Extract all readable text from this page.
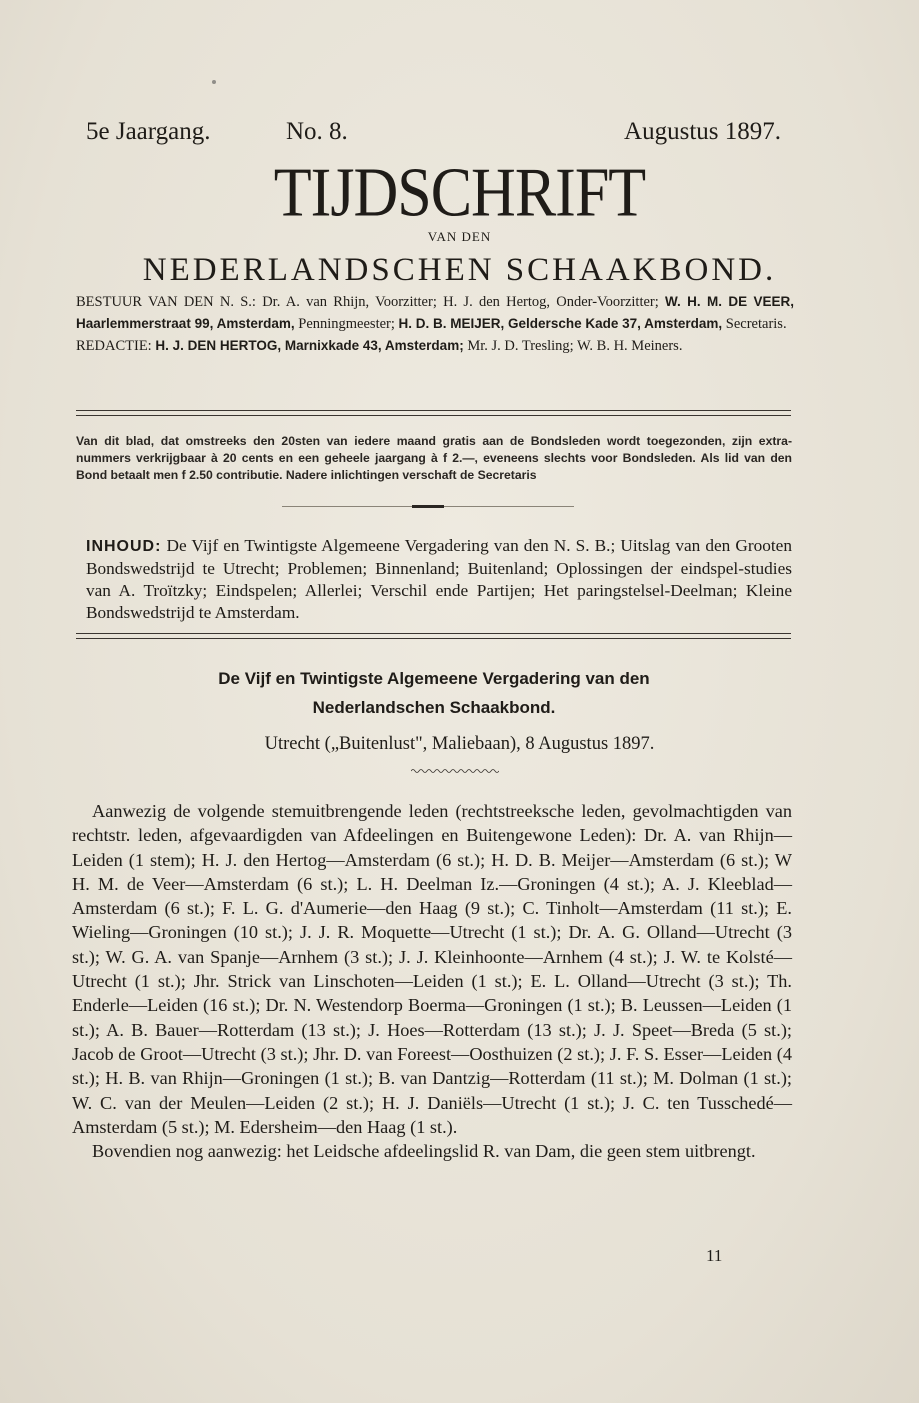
5e Jaargang.	No. 8.	Augustus 1897.
TIJDSCHRIFT
VAN DEN
NEDERLANDSCHEN SCHAAKBOND.
BESTUUR VAN DEN N. S.: Dr. A. van Rhijn, Voorzitter; H. J. den Hertog, Onder-Voorzitter; W. H. M. DE VEER, Haarlemmerstraat 99, Amsterdam, Penningmeester; H. D. B. MEIJER, Geldersche Kade 37, Amsterdam, Secretaris.
REDACTIE: H. J. DEN HERTOG, Marnixkade 43, Amsterdam; Mr. J. D. Tresling; W. B. H. Meiners.
Van dit blad, dat omstreeks den 20sten van iedere maand gratis aan de Bondsleden wordt toegezonden, zijn extra-nummers verkrijgbaar à 20 cents en een geheele jaargang à f 2.—, eveneens slechts voor Bondsleden. Als lid van den Bond betaalt men f 2.50 contributie. Nadere inlichtingen verschaft de Secretaris
INHOUD: De Vijf en Twintigste Algemeene Vergadering van den N. S. B.; Uitslag van den Grooten Bondswedstrijd te Utrecht; Problemen; Binnenland; Buitenland; Oplossingen der eindspel-studies van A. Troïtzky; Eindspelen; Allerlei; Verschil ende Partijen; Het paringstelsel-Deelman; Kleine Bondswedstrijd te Amsterdam.
De Vijf en Twintigste Algemeene Vergadering van den
Nederlandschen Schaakbond.
Utrecht („Buitenlust", Maliebaan), 8 Augustus 1897.

Aanwezig de volgende stemuitbrengende leden (rechtstreeksche leden, gevolmachtigden van rechtstr. leden, afgevaardigden van Afdeelingen en Buitengewone Leden): Dr. A. van Rhijn—Leiden (1 stem); H. J. den Hertog—Amsterdam (6 st.); H. D. B. Meijer—Amsterdam (6 st.); W H. M. de Veer—Amsterdam (6 st.); L. H. Deelman Iz.—Groningen (4 st.); A. J. Kleeblad—Amsterdam (6 st.); F. L. G. d'Aumerie—den Haag (9 st.); C. Tinholt—Amsterdam (11 st.); E. Wieling—Groningen (10 st.); J. J. R. Moquette—Utrecht (1 st.); Dr. A. G. Olland—Utrecht (3 st.); W. G. A. van Spanje—Arnhem (3 st.); J. J. Kleinhoonte—Arnhem (4 st.); J. W. te Kolsté— Utrecht (1 st.); Jhr. Strick van Linschoten—Leiden (1 st.); E. L. Olland—Utrecht (3 st.); Th. Enderle—Leiden (16 st.); Dr. N. Westendorp Boerma—Groningen (1 st.); B. Leussen—Leiden (1 st.); A. B. Bauer—Rotterdam (13 st.); J. Hoes—Rotterdam (13 st.); J. J. Speet—Breda (5 st.); Jacob de Groot—Utrecht (3 st.); Jhr. D. van Foreest—Oosthuizen (2 st.); J. F. S. Esser—Leiden (4 st.); H. B. van Rhijn—Groningen (1 st.); B. van Dantzig—Rotterdam (11 st.); M. Dolman (1 st.); W. C. van der Meulen—Leiden (2 st.); H. J. Daniëls—Utrecht (1 st.); J. C. ten Tusschedé—Amsterdam (5 st.); M. Edersheim—den Haag (1 st.).

Bovendien nog aanwezig: het Leidsche afdeelingslid R. van Dam, die geen stem uitbrengt.

11
